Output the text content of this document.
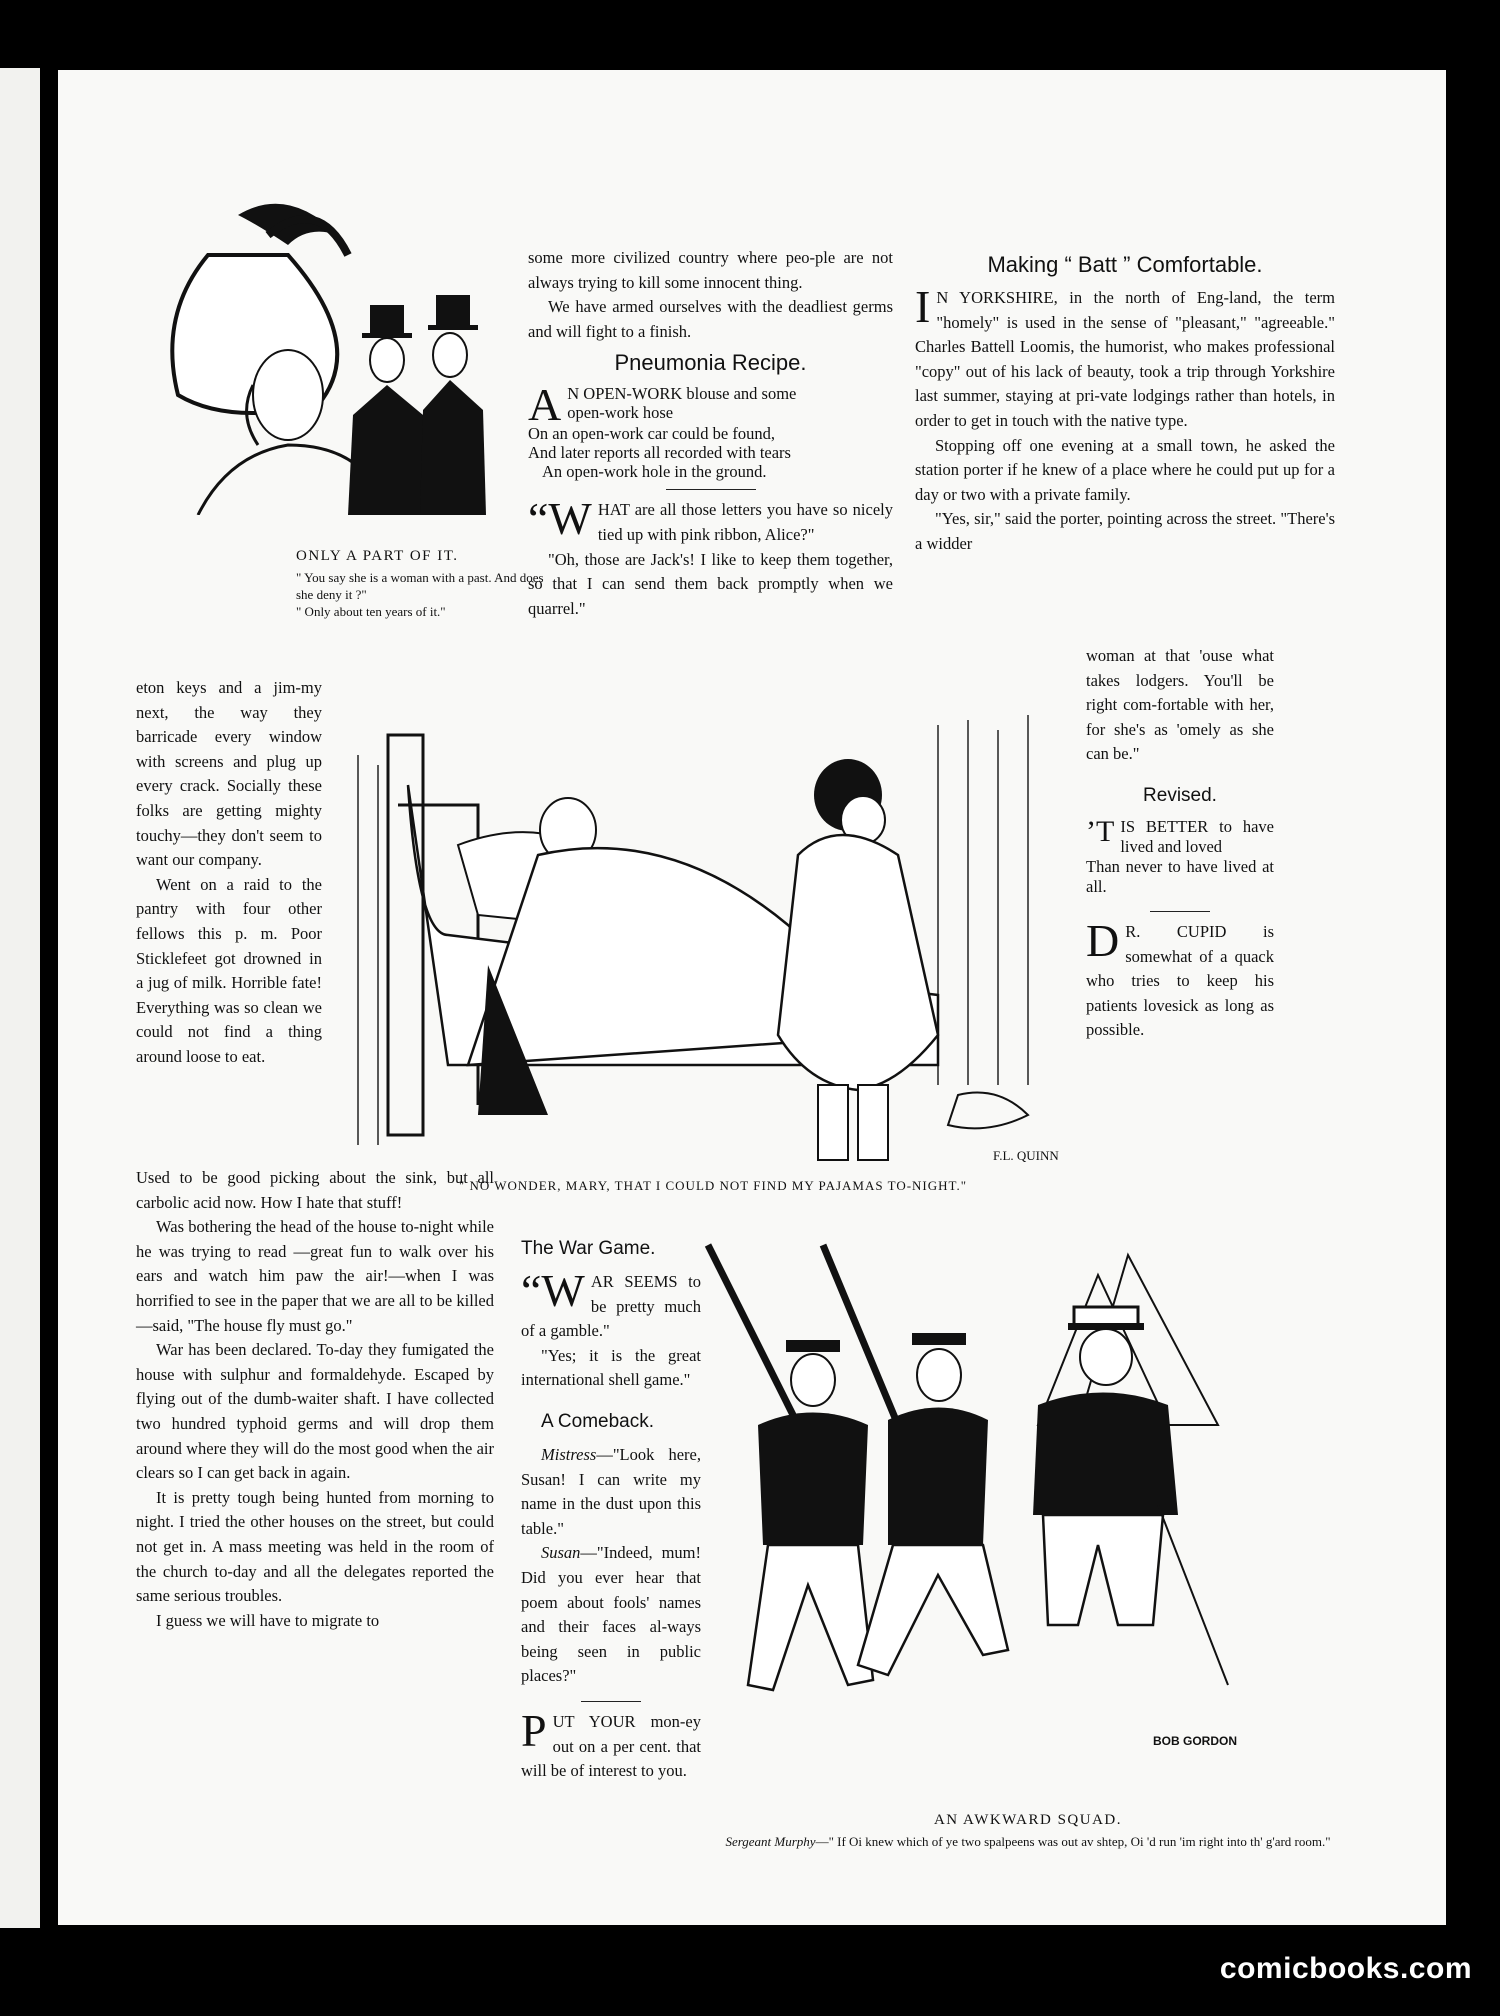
ONLY A PART OF IT.
" You say she is a woman with a past. And does she deny it ?"
" Only about ten years of it."

some more civilized country where peo-ple are not always trying to kill some innocent thing.

We have armed ourselves with the deadliest germs and will fight to a finish.

Pneumonia Recipe.
A N OPEN-WORK blouse and some
open-work hose
On an open-work car could be found,
And later reports all recorded with tears
An open-work hole in the ground.

“WHAT are all those letters you have so nicely tied up with pink ribbon, Alice?"

"Oh, those are Jack's! I like to keep them together, so that I can send them back promptly when we quarrel."

Making “ Batt ” Comfortable.

I N YORKSHIRE, in the north of Eng-land, the term "homely" is used in the sense of "pleasant," "agreeable." Charles Battell Loomis, the humorist, who makes professional "copy" out of his lack of beauty, took a trip through Yorkshire last summer, staying at pri-vate lodgings rather than hotels, in order to get in touch with the native type.

Stopping off one evening at a small town, he asked the station porter if he knew of a place where he could put up for a day or two with a private family.

"Yes, sir," said the porter, pointing across the street. "There's a widder

woman at that 'ouse what takes lodgers. You'll be right com-fortable with her, for she's as 'omely as she can be."

Revised.
’T IS BETTER to have lived and loved
Than never to have lived at all.

D R. CUPID is somewhat of a quack who tries to keep his patients lovesick as long as possible.

eton keys and a jim-my next, the way they barricade every window with screens and plug up every crack. Socially these folks are getting mighty touchy—they don't seem to want our company.

Went on a raid to the pantry with four other fellows this p. m. Poor Sticklefeet got drowned in a jug of milk. Horrible fate! Everything was so clean we could not find a thing around loose to eat.

Used to be good picking about the sink, but all carbolic acid now. How I hate that stuff!

Was bothering the head of the house to-night while he was trying to read —great fun to walk over his ears and watch him paw the air!—when I was horrified to see in the paper that we are all to be killed—said, "The house fly must go."

War has been declared. To-day they fumigated the house with sulphur and formaldehyde. Escaped by flying out of the dumb-waiter shaft. I have collected two hundred typhoid germs and will drop them around where they will do the most good when the air clears so I can get back in again.

It is pretty tough being hunted from morning to night. I tried the other houses on the street, but could not get in. A mass meeting was held in the room of the church to-day and all the delegates reported the same serious troubles.

I guess we will have to migrate to

F.L. QUINN
" NO WONDER, MARY, THAT I COULD NOT FIND MY PAJAMAS TO-NIGHT."
The War Game.

“WAR SEEMS to be pretty much of a gamble."

"Yes; it is the great international shell game."

A Comeback.

Mistress—"Look here, Susan! I can write my name in the dust upon this table."

Susan—"Indeed, mum! Did you ever hear that poem about fools' names and their faces al-ways being seen in public places?"

PUT YOUR mon-ey out on a per cent. that will be of interest to you.

BOB GORDON
AN AWKWARD SQUAD.
Sergeant Murphy—" If Oi knew which of ye two spalpeens was out av shtep, Oi 'd run 'im right into th' g'ard room."
comicbooks.com
